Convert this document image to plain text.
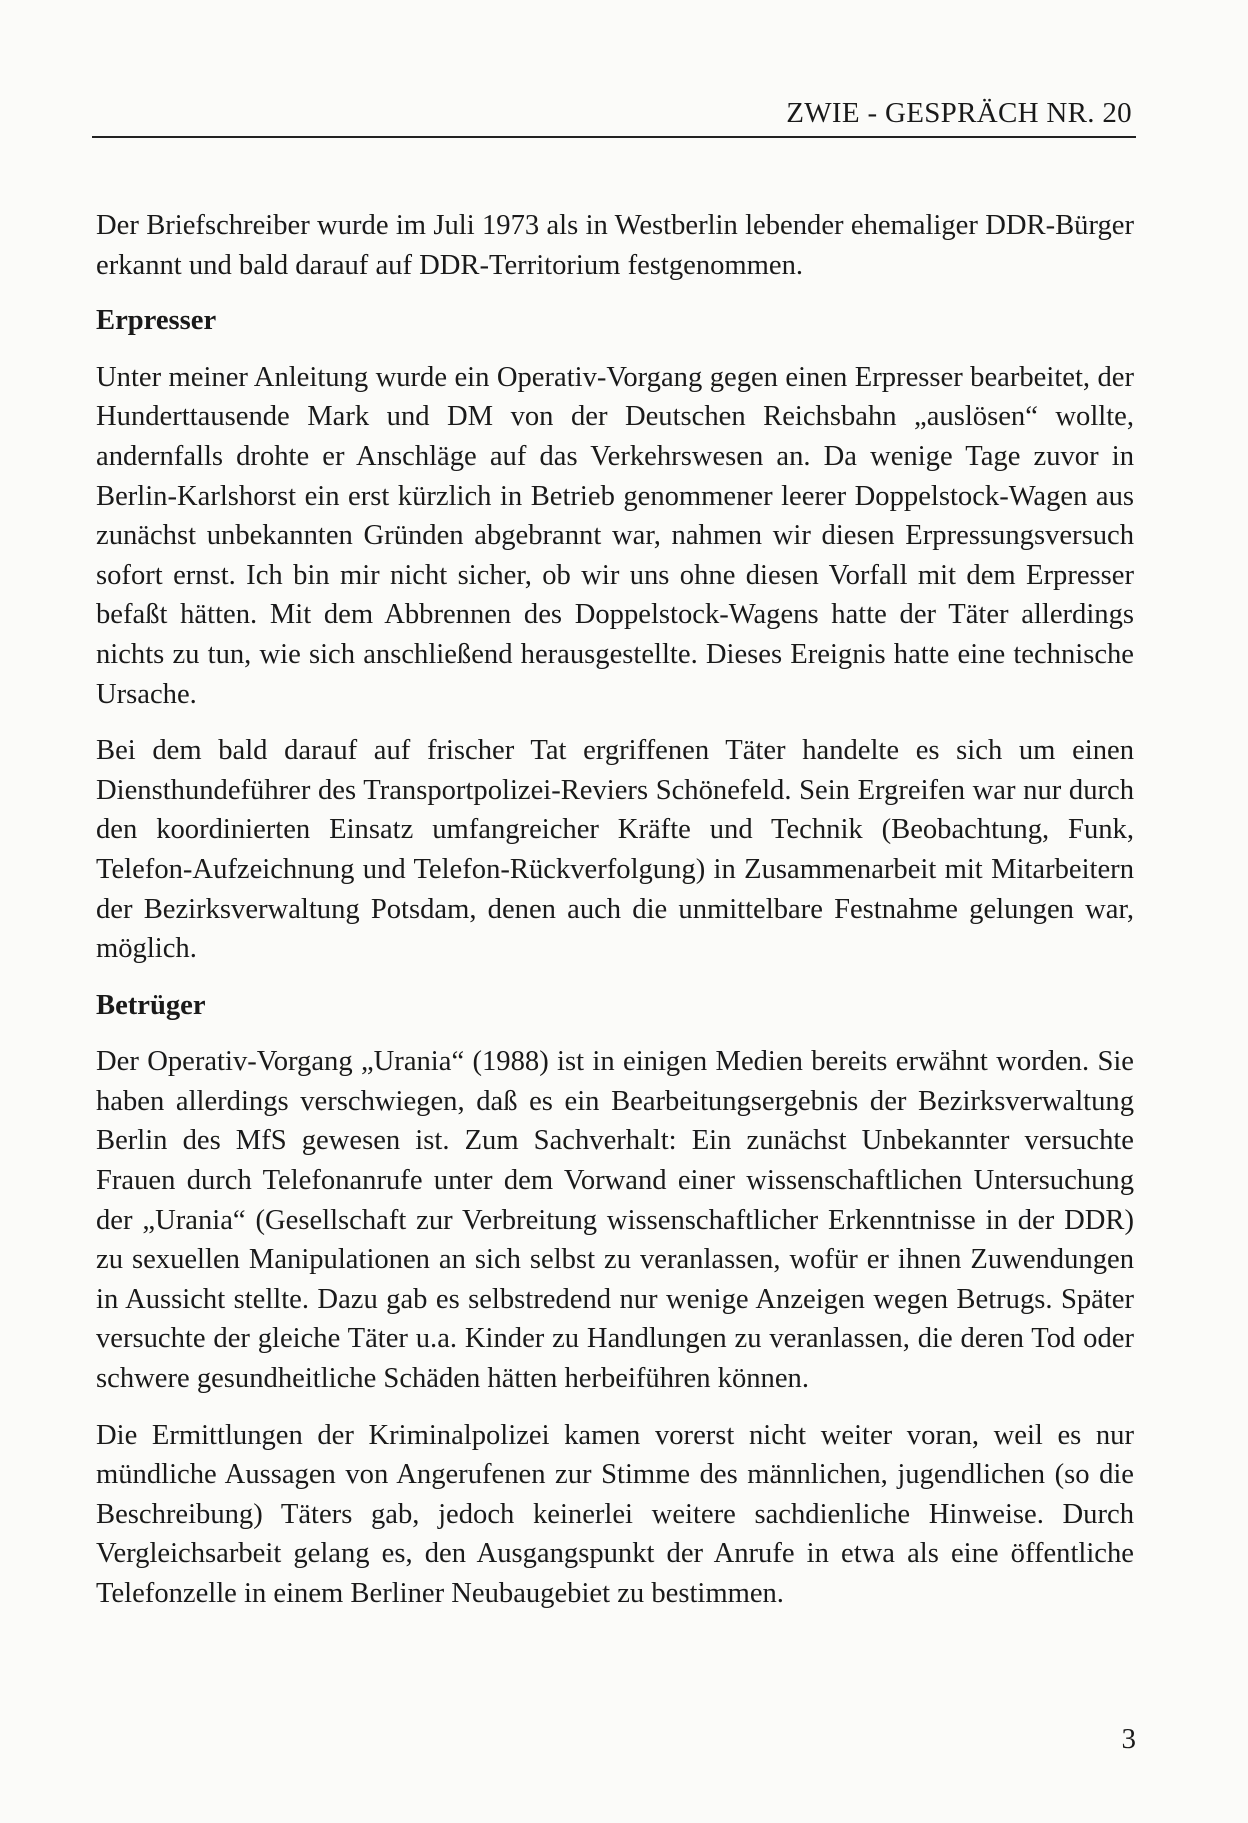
ZWIE - GESPRÄCH NR. 20

Der Briefschreiber wurde im Juli 1973 als in Westberlin lebender ehemaliger DDR-Bürger erkannt und bald darauf auf DDR-Territorium festgenommen.

Erpresser

Unter meiner Anleitung wurde ein Operativ-Vorgang gegen einen Erpresser bearbeitet, der Hunderttausende Mark und DM von der Deutschen Reichsbahn „auslösen“ wollte, andernfalls drohte er Anschläge auf das Verkehrswesen an. Da wenige Tage zuvor in Berlin-Karlshorst ein erst kürzlich in Betrieb genommener leerer Doppelstock-Wagen aus zunächst unbekannten Gründen abgebrannt war, nahmen wir diesen Erpressungsversuch sofort ernst. Ich bin mir nicht sicher, ob wir uns ohne diesen Vorfall mit dem Erpresser befaßt hätten. Mit dem Abbrennen des Doppelstock-Wagens hatte der Täter allerdings nichts zu tun, wie sich anschließend herausgestellte. Dieses Ereignis hatte eine technische Ursache.

Bei dem bald darauf auf frischer Tat ergriffenen Täter handelte es sich um einen Diensthundeführer des Transportpolizei-Reviers Schönefeld. Sein Ergreifen war nur durch den koordinierten Einsatz umfangreicher Kräfte und Technik (Beobachtung, Funk, Telefon-Aufzeichnung und Telefon-Rückverfolgung) in Zusammenarbeit mit Mitarbeitern der Bezirksverwaltung Potsdam, denen auch die unmittelbare Festnahme gelungen war, möglich.

Betrüger

Der Operativ-Vorgang „Urania“ (1988) ist in einigen Medien bereits erwähnt worden. Sie haben allerdings verschwiegen, daß es ein Bearbeitungsergebnis der Bezirksverwaltung Berlin des MfS gewesen ist. Zum Sachverhalt: Ein zunächst Unbekannter versuchte Frauen durch Telefonanrufe unter dem Vorwand einer wissenschaftlichen Untersuchung der „Urania“ (Gesellschaft zur Verbreitung wissenschaftlicher Erkenntnisse in der DDR) zu sexuellen Manipulationen an sich selbst zu veranlassen, wofür er ihnen Zuwendungen in Aussicht stellte. Dazu gab es selbstredend nur wenige Anzeigen wegen Betrugs. Später versuchte der gleiche Täter u.a. Kinder zu Handlungen zu veranlassen, die deren Tod oder schwere gesundheitliche Schäden hätten herbeiführen können.

Die Ermittlungen der Kriminalpolizei kamen vorerst nicht weiter voran, weil es nur mündliche Aussagen von Angerufenen zur Stimme des männlichen, jugendlichen (so die Beschreibung) Täters gab, jedoch keinerlei weitere sachdienliche Hinweise. Durch Vergleichsarbeit gelang es, den Ausgangspunkt der Anrufe in etwa als eine öffentliche Telefonzelle in einem Berliner Neubaugebiet zu bestimmen.

3
